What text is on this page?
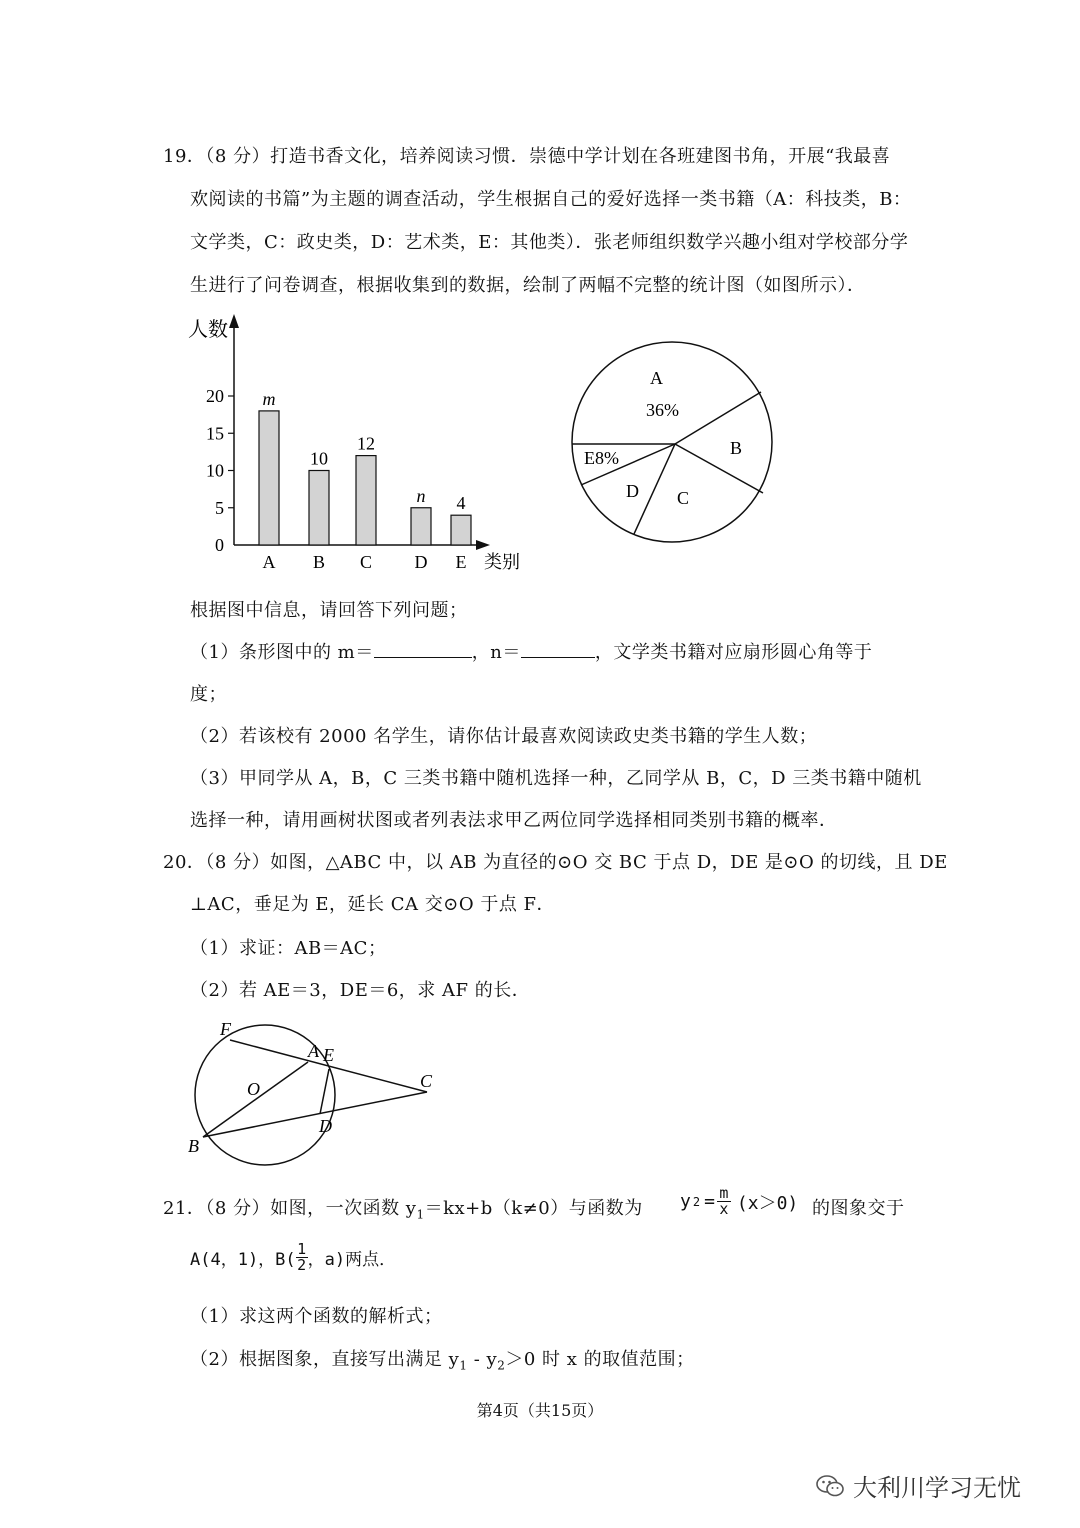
19．（8 分）打造书香文化，培养阅读习惯．崇德中学计划在各班建图书角，开展“我最喜
欢阅读的书篇”为主题的调查活动，学生根据自己的爱好选择一类书籍（A：科技类，B：
文学类，C：政史类，D：艺术类，E：其他类）．张老师组织数学兴趣小组对学校部分学
生进行了问卷调查，根据收集到的数据，绘制了两幅不完整的统计图（如图所示）．
0
5
10
15
20 m
A
10
B
12
C
n
D
4
E
人数
类别
A
36%
B
C
D
E8%
根据图中信息，请回答下列问题；
（1）条形图中的 m＝	，n＝	，文学类书籍对应扇形圆心角等于
度；
（2）若该校有 2000 名学生，请你估计最喜欢阅读政史类书籍的学生人数；
（3）甲同学从 A，B，C 三类书籍中随机选择一种，乙同学从 B，C，D 三类书籍中随机
选择一种，请用画树状图或者列表法求甲乙两位同学选择相同类别书籍的概率．
20．（8 分）如图，△ABC 中，以 AB 为直径的⊙O 交 BC 于点 D，DE 是⊙O 的切线，且 DE
⊥AC，垂足为 E，延长 CA 交⊙O 于点 F．
（1）求证：AB＝AC；
（2）若 AE＝3，DE＝6，求 AF 的长．
F
A E
O	C
B
D
21．（8 分）如图，一次函数 $y_1=kx+b(k\ne 0)$与函数为 y 2 = m
x (x＞0) 的图象交于
A(4，1)，B(
1
2 ，a)两点．
（1）求这两个函数的解析式；
（2）根据图象，直接写出满足 $y_1 - y_2>0$ 时 x 的取值范围；
第4页（共15页）
大利川学习无忧
